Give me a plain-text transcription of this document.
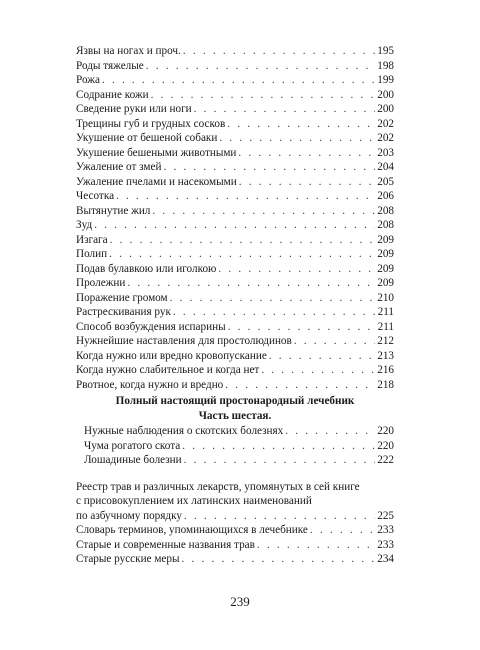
Язвы на ногах и проч. . . .	195
Роды тяжелые . . .	198
Рожа . . .	199
Содрание кожи . . .	200
Сведение руки или ноги . . .	200
Трещины губ и грудных сосков . . .	202
Укушение от бешеной собаки . . .	202
Укушение бешеными животными . . .	203
Ужаление от змей . . .	204
Ужаление пчелами и насекомыми . . .	205
Чесотка . . .	206
Вытянутие жил . . .	208
Зуд . . .	208
Изгага . . .	209
Полип . . .	209
Подав булавкою или иголкою . . .	209
Пролежни . . .	209
Поражение громом . . .	210
Растрескивания рук . . .	211
Способ возбуждения испарины . . .	211
Нужнейшие наставления для простолюдинов . . .	212
Когда нужно или вредно кровопускание . . .	213
Когда нужно слабительное и когда нет . . .	216
Рвотное, когда нужно и вредно . . .	218
Полный настоящий простонародный лечебник
Часть шестая.
Нужные наблюдения о скотских болезнях . . .	220
Чума рогатого скота . . .	220
Лошадиные болезни . . .	222
Реестр трав и различных лекарств, упомянутых в сей книге
с присовокуплением их латинских наименований
по азбучному порядку . . .	225
Словарь терминов, упоминающихся в лечебнике . . .	233
Старые и современные названия трав . . .	233
Старые русские меры . . .	234
239
